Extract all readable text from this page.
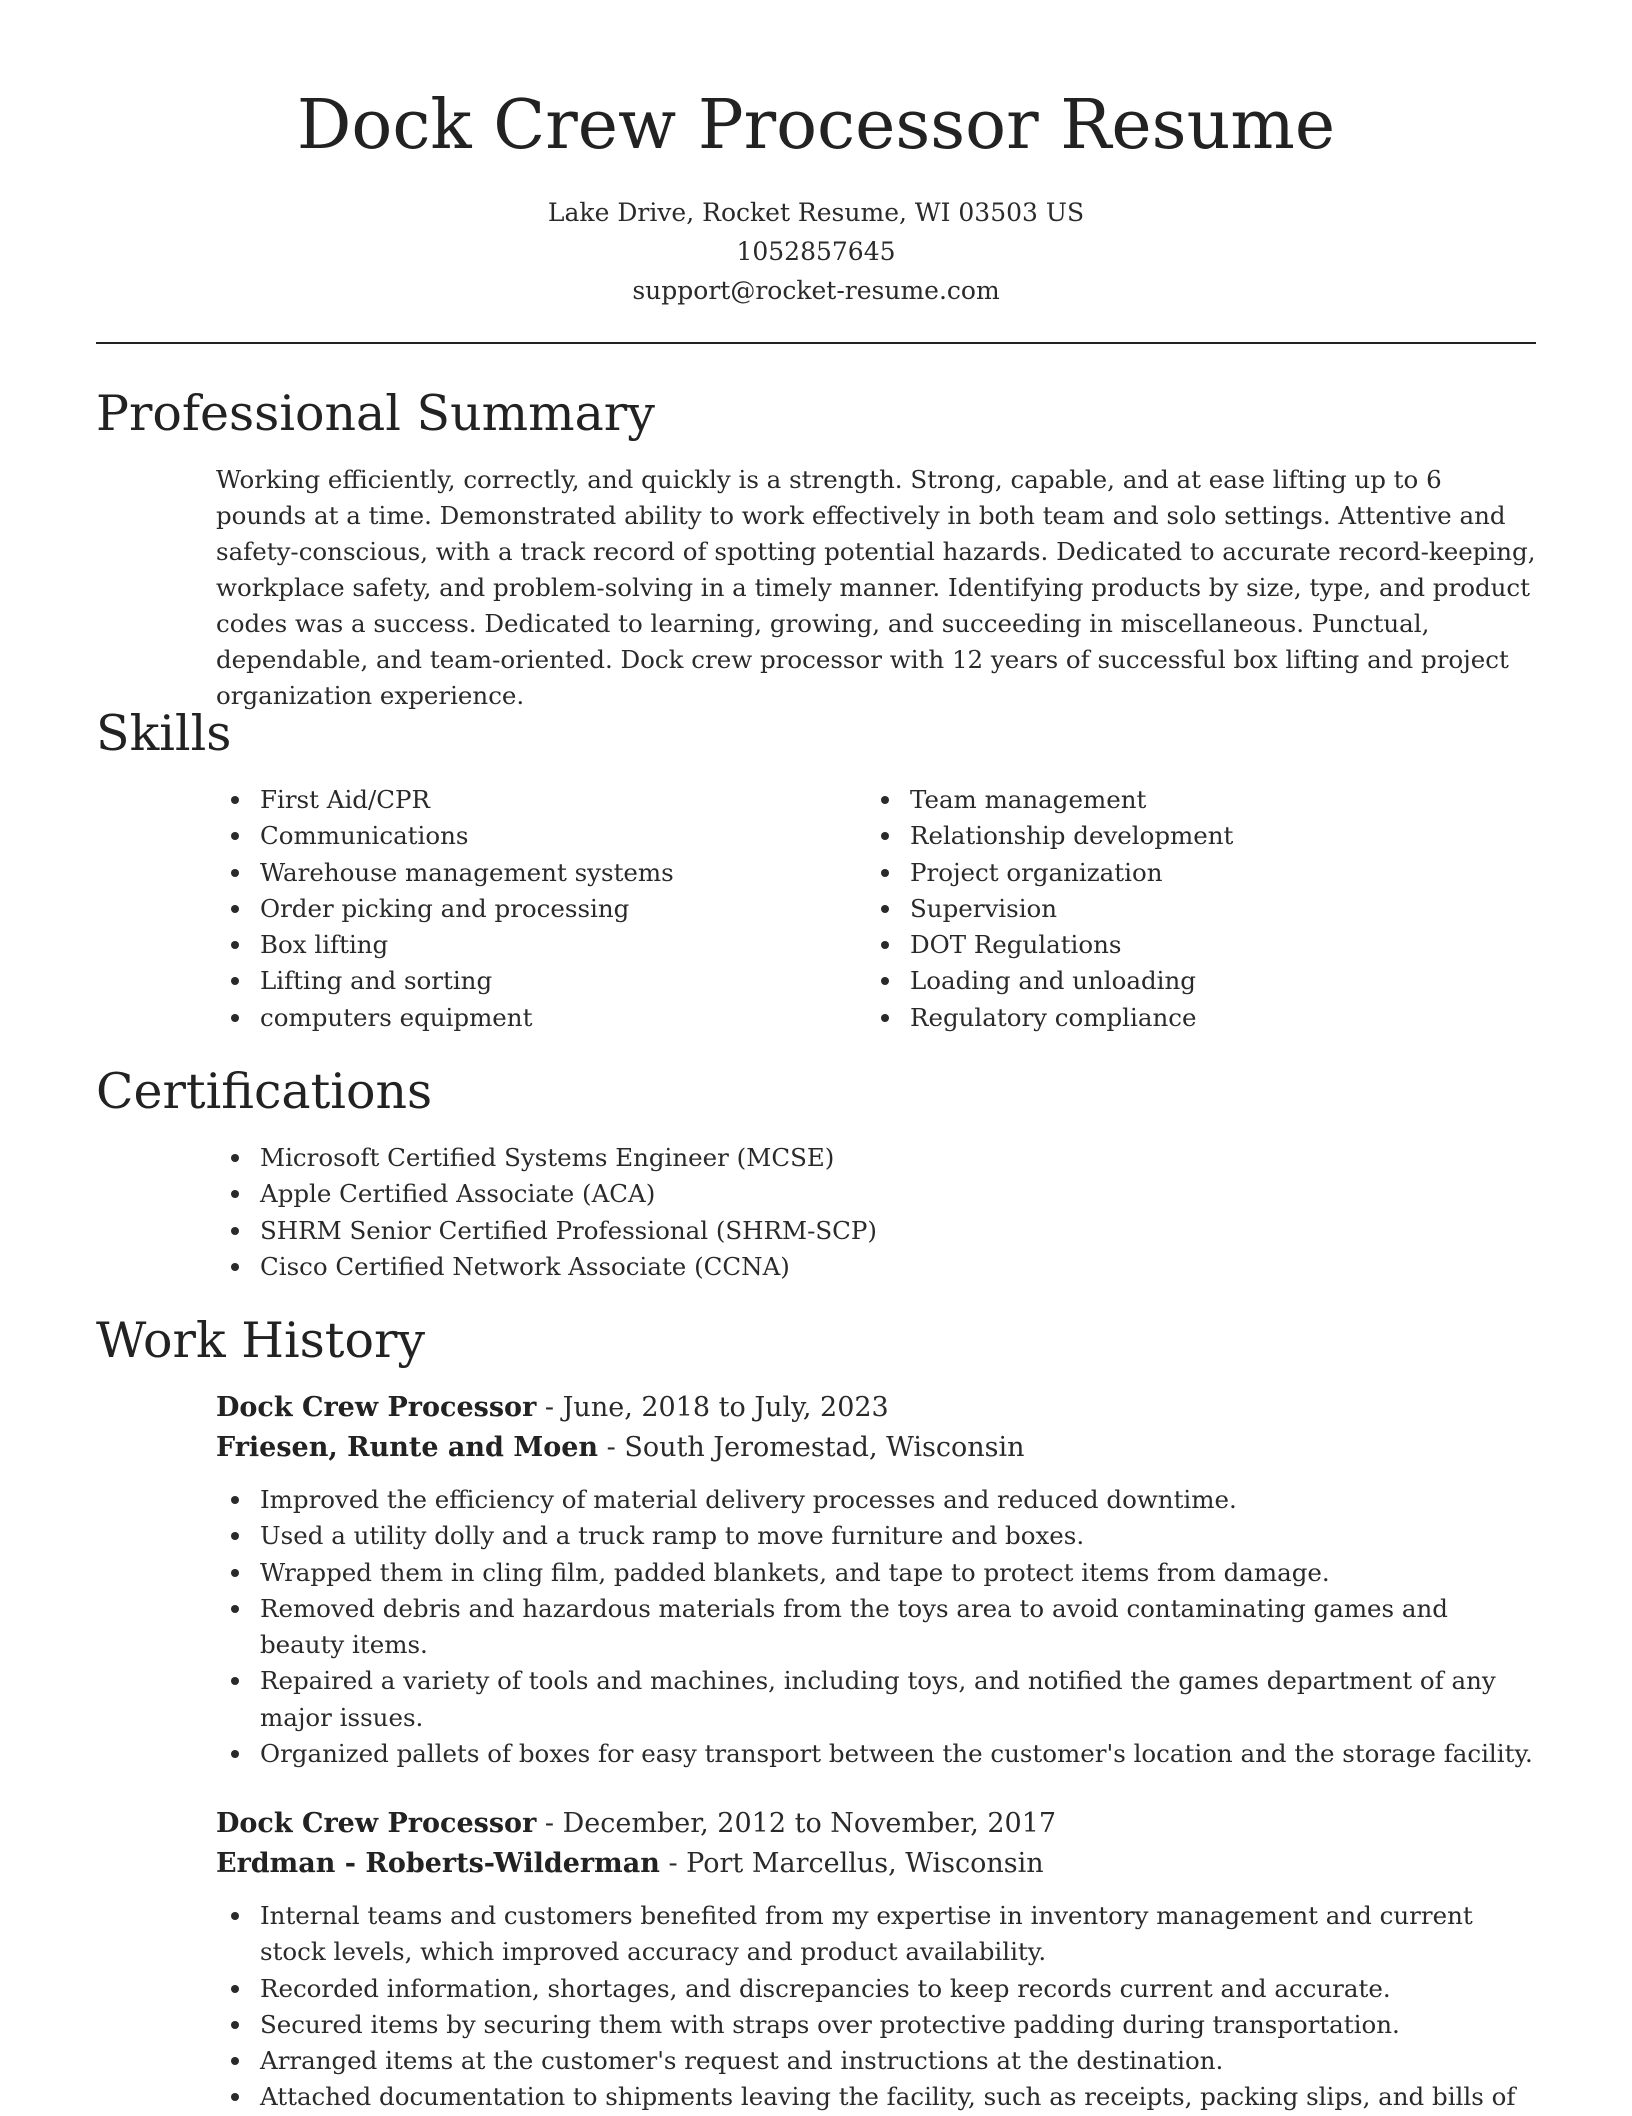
Dock Crew Processor Resume
Lake Drive, Rocket Resume, WI 03503 US
1052857645
support@rocket-resume.com
Professional Summary

Working efficiently, correctly, and quickly is a strength. Strong, capable, and at ease lifting up to 6 pounds at a time. Demonstrated ability to work effectively in both team and solo settings. Attentive and safety-conscious, with a track record of spotting potential hazards. Dedicated to accurate record-keeping, workplace safety, and problem-solving in a timely manner. Identifying products by size, type, and product codes was a success. Dedicated to learning, growing, and succeeding in miscellaneous. Punctual, dependable, and team-oriented. Dock crew processor with 12 years of successful box lifting and project organization experience.

Skills
First Aid/CPR
Communications
Warehouse management systems
Order picking and processing
Box lifting
Lifting and sorting
computers equipment
Team management
Relationship development
Project organization
Supervision
DOT Regulations
Loading and unloading
Regulatory compliance
Certifications
Microsoft Certified Systems Engineer (MCSE)
Apple Certified Associate (ACA)
SHRM Senior Certified Professional (SHRM-SCP)
Cisco Certified Network Associate (CCNA)
Work History
Dock Crew Processor - June, 2018 to July, 2023
Friesen, Runte and Moen - South Jeromestad, Wisconsin
Improved the efficiency of material delivery processes and reduced downtime.
Used a utility dolly and a truck ramp to move furniture and boxes.
Wrapped them in cling film, padded blankets, and tape to protect items from damage.
Removed debris and hazardous materials from the toys area to avoid contaminating games and beauty items.
Repaired a variety of tools and machines, including toys, and notified the games department of any major issues.
Organized pallets of boxes for easy transport between the customer's location and the storage facility.
Dock Crew Processor - December, 2012 to November, 2017
Erdman - Roberts-Wilderman - Port Marcellus, Wisconsin
Internal teams and customers benefited from my expertise in inventory management and current stock levels, which improved accuracy and product availability.
Recorded information, shortages, and discrepancies to keep records current and accurate.
Secured items by securing them with straps over protective padding during transportation.
Arranged items at the customer's request and instructions at the destination.
Attached documentation to shipments leaving the facility, such as receipts, packing slips, and bills of
